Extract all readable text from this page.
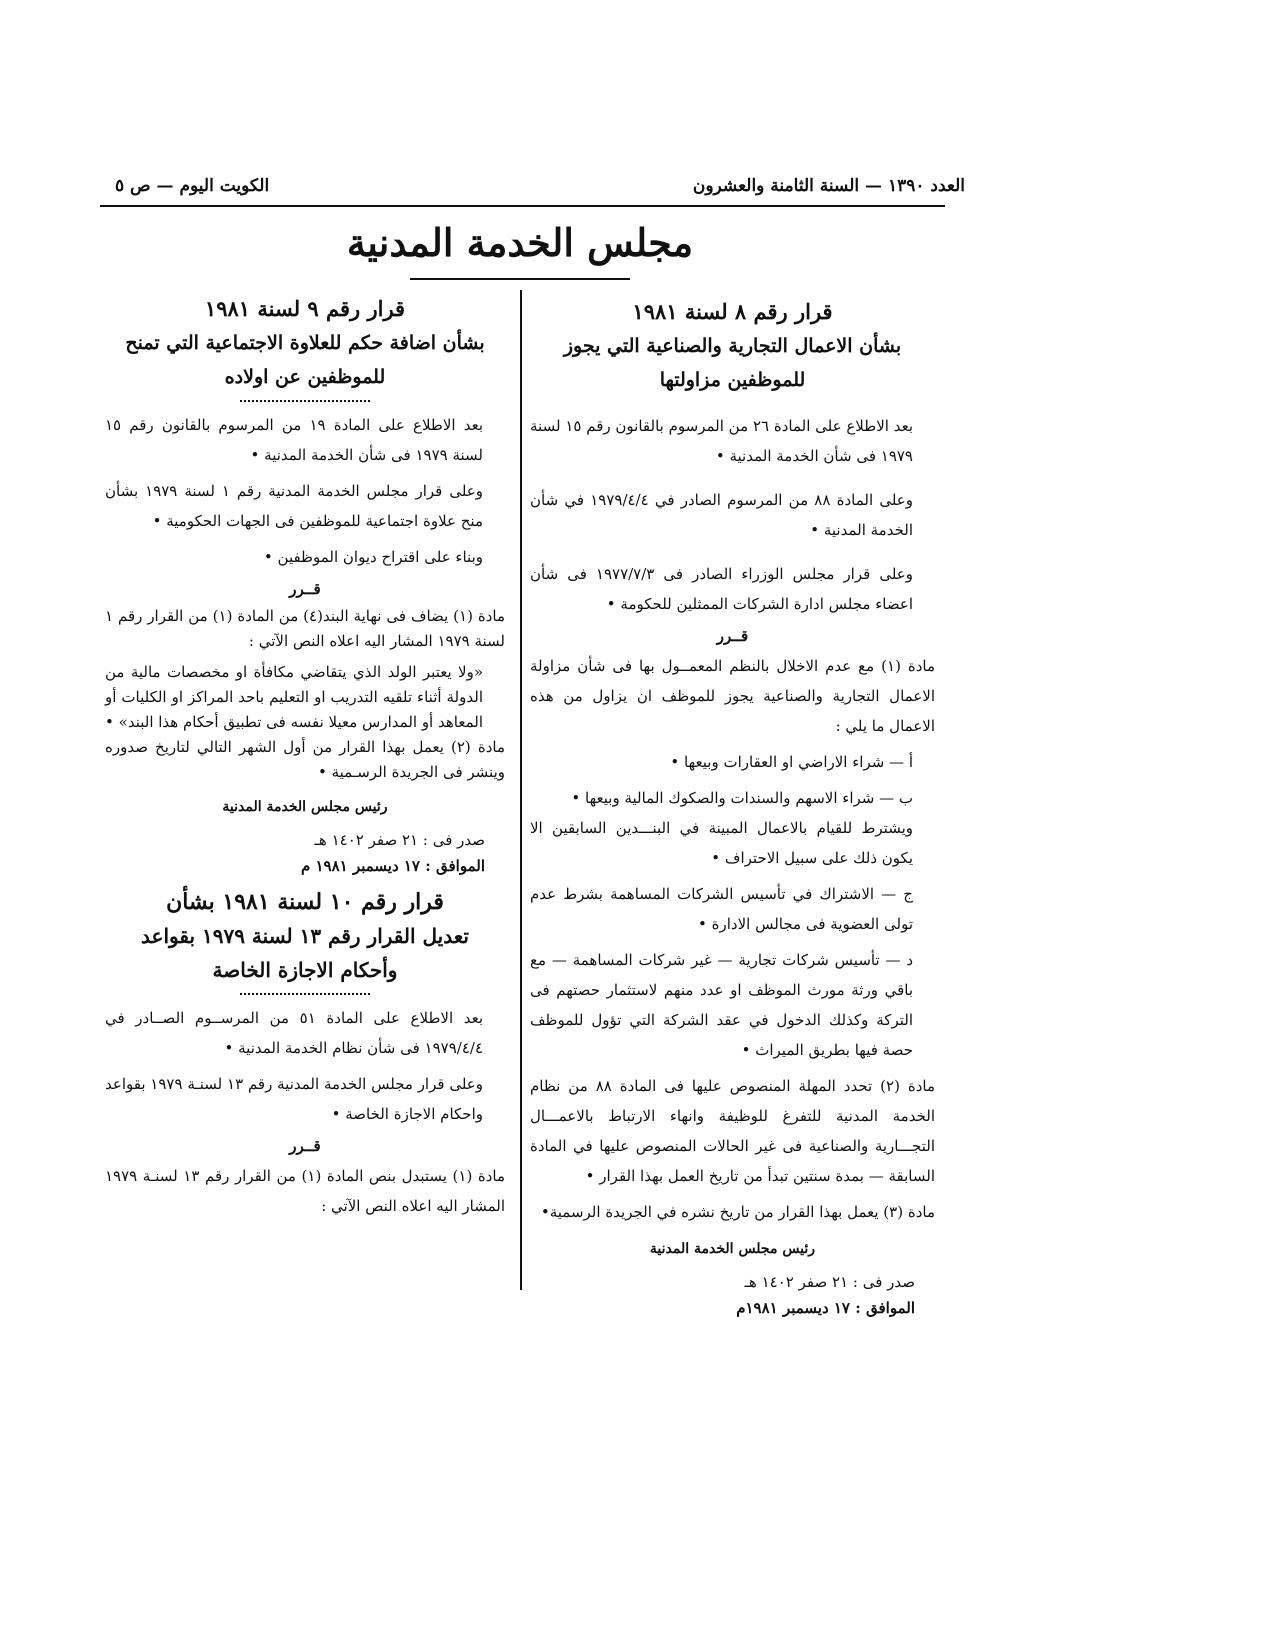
العدد ١٣٩٠ — السنة الثامنة والعشرون
الكويت اليوم — ص ٥
مجلس الخدمة المدنية

قرار رقم ٨ لسنة ١٩٨١

بشأن الاعمال التجارية والصناعية التي يجوز

للموظفين مزاولتها

بعد الاطلاع على المادة ٢٦ من المرسوم بالقانون رقم ١٥ لسنة ١٩٧٩ فى شأن الخدمة المدنية •

وعلى المادة ٨٨ من المرسوم الصادر في ١٩٧٩/٤/٤ في شأن الخدمة المدنية •

وعلى قرار مجلس الوزراء الصادر فى ١٩٧٧/٧/٣ فى شأن اعضاء مجلس ادارة الشركات الممثلين للحكومة •

قــرر

مادة (١) مع عدم الاخلال بالنظم المعمــول بها فى شأن مزاولة الاعمال التجارية والصناعية يجوز للموظف ان يزاول من هذه الاعمال ما يلي :

أ — شراء الاراضي او العقارات وبيعها •

ب — شراء الاسهم والسندات والصكوك المالية وبيعها •

ويشترط للقيام بالاعمال المبينة في البنـــدين السابقين الا يكون ذلك على سبيل الاحتراف •

ج — الاشتراك في تأسيس الشركات المساهمة بشرط عدم تولى العضوية فى مجالس الادارة •

د — تأسيس شركات تجارية — غير شركات المساهمة — مع باقي ورثة مورث الموظف او عدد منهم لاستثمار حصتهم فى التركة وكذلك الدخول في عقد الشركة التي تؤول للموظف حصة فيها بطريق الميراث •

مادة (٢) تحدد المهلة المنصوص عليها فى المادة ٨٨ من نظام الخدمة المدنية للتفرغ للوظيفة وانهاء الارتباط بالاعمـــال التجـــارية والصناعية فى غير الحالات المنصوص عليها في المادة السابقة — بمدة سنتين تبدأ من تاريخ العمل بهذا القرار •

مادة (٣) يعمل بهذا القرار من تاريخ نشره في الجريدة الرسمية•

رئيس مجلس الخدمة المدنية

صدر فى : ٢١ صفر ١٤٠٢ هـ

الموافق : ١٧ ديسمبر ١٩٨١م

قرار رقم ٩ لسنة ١٩٨١

بشأن اضافة حكم للعلاوة الاجتماعية التي تمنح

للموظفين عن اولاده

بعد الاطلاع على المادة ١٩ من المرسوم بالقانون رقم ١٥ لسنة ١٩٧٩ فى شأن الخدمة المدنية •

وعلى قرار مجلس الخدمة المدنية رقم ١ لسنة ١٩٧٩ بشأن منح علاوة اجتماعية للموظفين فى الجهات الحكومية •

وبناء على اقتراح ديوان الموظفين •

قــرر

مادة (١) يضاف فى نهاية البند(٤) من المادة (١) من القرار رقم ١ لسنة ١٩٧٩ المشار اليه اعلاه النص الآتي :

«ولا يعتبر الولد الذي يتقاضي مكافأة او مخصصات مالية من الدولة أثناء تلقيه التدريب او التعليم باحد المراكز او الكليات أو المعاهد أو المدارس معيلا نفسه فى تطبيق أحكام هذا البند» •

مادة (٢) يعمل بهذا القرار من أول الشهر التالي لتاريخ صدوره وينشر فى الجريدة الرسـمية •

رئيس مجلس الخدمة المدنية

صدر فى : ٢١ صفر ١٤٠٢ هـ

الموافق : ١٧ ديسمبر ١٩٨١ م

قرار رقم ١٠ لسنة ١٩٨١ بشأن

تعديل القرار رقم ١٣ لسنة ١٩٧٩ بقواعد

وأحكام الاجازة الخاصة

بعد الاطلاع على المادة ٥١ من المرســوم الصــادر في ١٩٧٩/٤/٤ فى شأن نظام الخدمة المدنية •

وعلى قرار مجلس الخدمة المدنية رقم ١٣ لسنـة ١٩٧٩ بقواعد واحكام الاجازة الخاصة •

قــرر

مادة (١) يستبدل بنص المادة (١) من القرار رقم ١٣ لسنـة ١٩٧٩ المشار اليه اعلاه النص الآتي :
